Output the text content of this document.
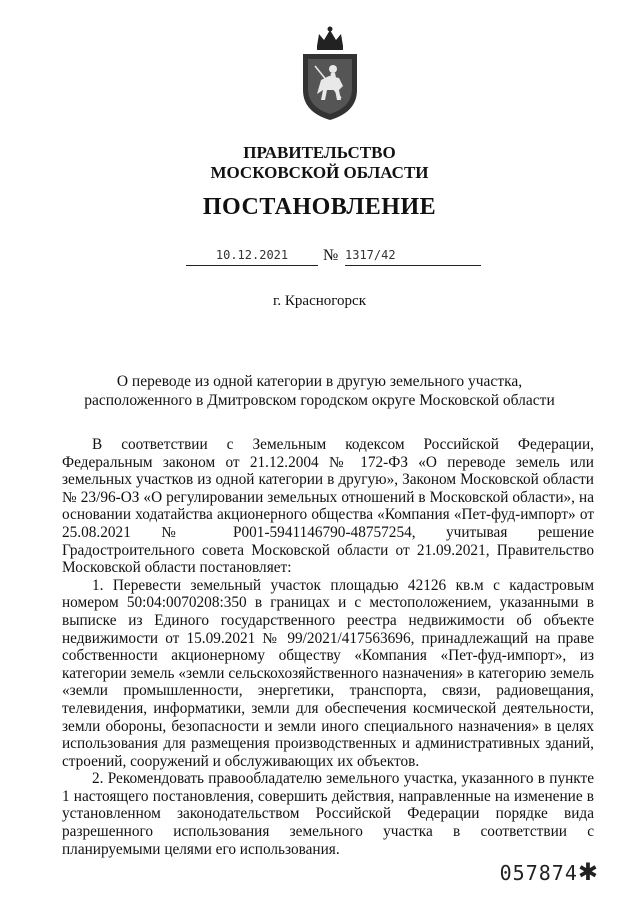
ПРАВИТЕЛЬСТВО
МОСКОВСКОЙ ОБЛАСТИ
ПОСТАНОВЛЕНИЕ
10.12.2021	№ 1317/42
г. Красногорск
О переводе из одной категории в другую земельного участка,
расположенного в Дмитровском городском округе Московской области

В соответствии с Земельным кодексом Российской Федерации, Федеральным законом от 21.12.2004 № 172-ФЗ «О переводе земель или земельных участков из одной категории в другую», Законом Московской области № 23/96-ОЗ «О регулировании земельных отношений в Московской области», на основании ходатайства акционерного общества «Компания «Пет-фуд-импорт» от 25.08.2021 № Р001-5941146790-48757254, учитывая решение Градостроительного совета Московской области от 21.09.2021, Правительство Московской области постановляет:

1. Перевести земельный участок площадью 42126 кв.м с кадастровым номером 50:04:0070208:350 в границах и с местоположением, указанными в выписке из Единого государственного реестра недвижимости об объекте недвижимости от 15.09.2021 № 99/2021/417563696, принадлежащий на праве собственности акционерному обществу «Компания «Пет-фуд-импорт», из категории земель «земли сельскохозяйственного назначения» в категорию земель «земли промышленности, энергетики, транспорта, связи, радиовещания, телевидения, информатики, земли для обеспечения космической деятельности, земли обороны, безопасности и земли иного специального назначения» в целях использования для размещения производственных и административных зданий, строений, сооружений и обслуживающих их объектов.

2. Рекомендовать правообладателю земельного участка, указанного в пункте 1 настоящего постановления, совершить действия, направленные на изменение в установленном законодательством Российской Федерации порядке вида разрешенного использования земельного участка в соответствии с планируемыми целями его использования.

057874✱
